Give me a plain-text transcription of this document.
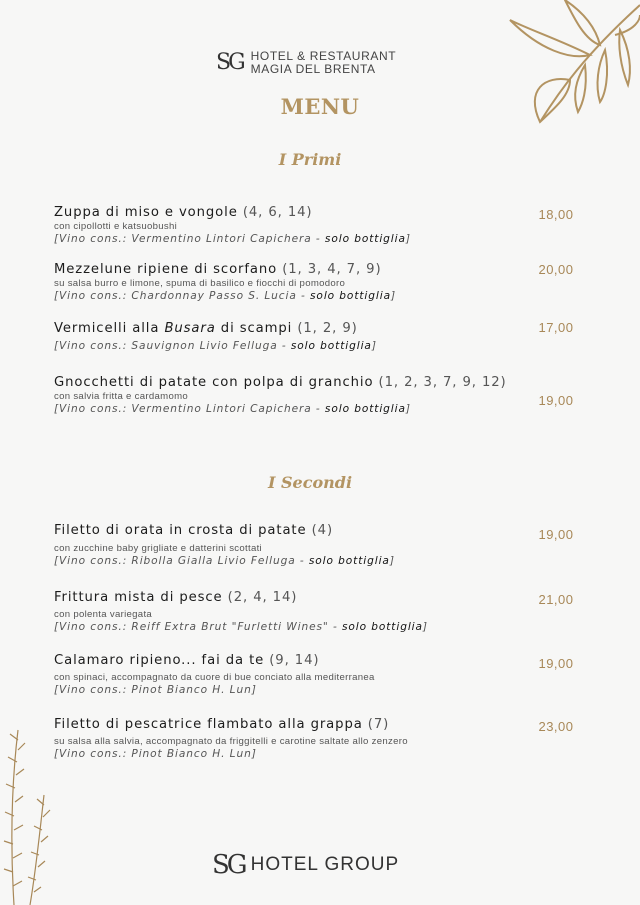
SG HOTEL & RESTAURANT
MAGIA DEL BRENTA
MENU
I Primi
Zuppa di miso e vongole (4, 6, 14)
con cipollotti e katsuobushi
[Vino cons.: Vermentino Lintori Capichera - solo bottiglia]
18,00
Mezzelune ripiene di scorfano (1, 3, 4, 7, 9)
su salsa burro e limone, spuma di basilico e fiocchi di pomodoro
[Vino cons.: Chardonnay Passo S. Lucia - solo bottiglia]
20,00
Vermicelli alla Busara di scampi (1, 2, 9)
[Vino cons.: Sauvignon Livio Felluga - solo bottiglia]
17,00
Gnocchetti di patate con polpa di granchio (1, 2, 3, 7, 9, 12)
con salvia fritta e cardamomo
[Vino cons.: Vermentino Lintori Capichera - solo bottiglia]
19,00
I Secondi
Filetto di orata in crosta di patate (4)
con zucchine baby grigliate e datterini scottati
[Vino cons.: Ribolla Gialla Livio Felluga - solo bottiglia]
19,00
Frittura mista di pesce (2, 4, 14)
con polenta variegata
[Vino cons.: Reiff Extra Brut "Furletti Wines" - solo bottiglia]
21,00
Calamaro ripieno... fai da te (9, 14)
con spinaci, accompagnato da cuore di bue conciato alla mediterranea
[Vino cons.: Pinot Bianco H. Lun]
19,00
Filetto di pescatrice flambato alla grappa (7)
su salsa alla salvia, accompagnato da friggitelli e carotine saltate allo zenzero
[Vino cons.: Pinot Bianco H. Lun]
23,00
SG HOTEL GROUP
